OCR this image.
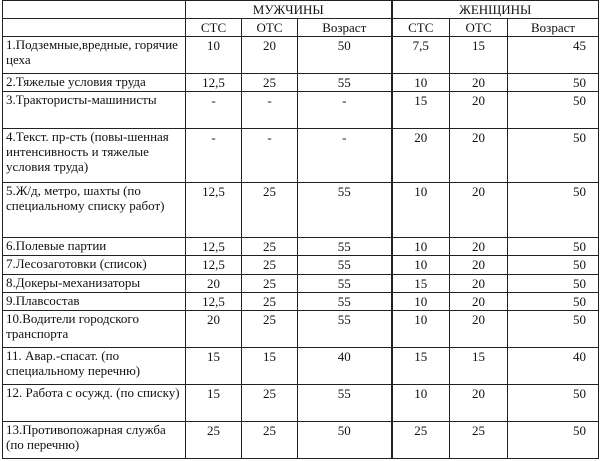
	МУЖЧИНЫ			ЖЕНЩИНЫ		
	СТС	ОТС	Возраст	СТС	ОТС	Возраст
1.Подземные,вредные, горячие цеха	10	20	50	7,5	15	45
2.Тяжелые условия труда	12,5	25	55	10	20	50
3.Трактористы-машинисты	-	-	-	15	20	50
4.Текст. пр-сть (повы-шенная интенсивность и тяжелые условия труда)	-	-	-	20	20	50
5.Ж/д, метро, шахты (по специальному списку работ)	12,5	25	55	10	20	50
6.Полевые партии	12,5	25	55	10	20	50
7.Лесозаготовки (список)	12,5	25	55	10	20	50
8.Докеры-механизаторы	20	25	55	15	20	50
9.Плавсостав	12,5	25	55	10	20	50
10.Водители городского транспорта	20	25	55	10	20	50
11. Авар.-спасат. (по специальному перечню)	15	15	40	15	15	40
12. Работа с осужд. (по списку)	15	25	55	10	20	50
13.Противопожарная служба (по перечню)	25	25	50	25	25	50
